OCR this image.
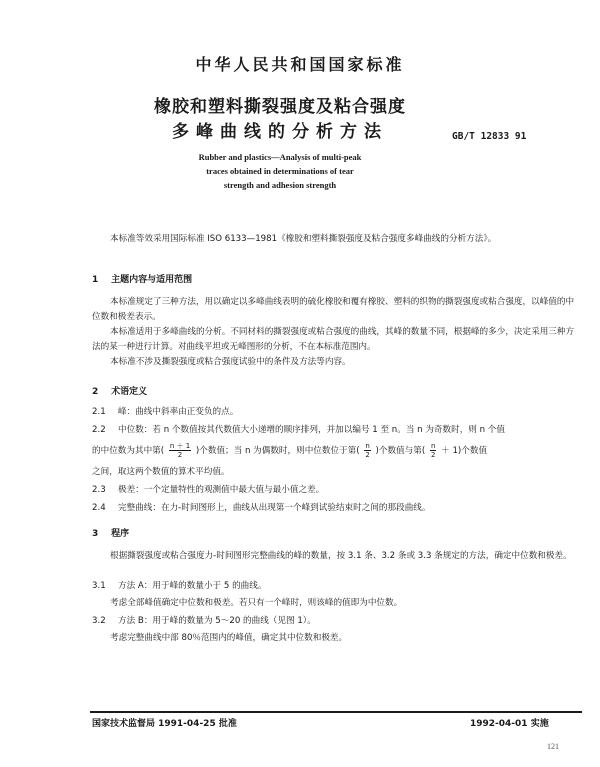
中华人民共和国国家标准
橡胶和塑料撕裂强度及粘合强度
多峰曲线的分析方法	GB/T 12833 91
Rubber and plastics—Analysis of multi-peak
traces obtained in determinations of tear
strength and adhesion strength
本标准等效采用国际标准 ISO 6133—1981《橡胶和塑料撕裂强度及粘合强度多峰曲线的分析方法》。
1 主题内容与适用范围
本标准规定了三种方法，用以确定以多峰曲线表明的硫化橡胶和覆有橡胶、塑料的织物的撕裂强度或粘合强度，以峰值的中位数和极差表示。
本标准适用于多峰曲线的分析。不同材料的撕裂强度或粘合强度的曲线，其峰的数量不同，根据峰的多少，决定采用三种方法的某一种进行计算。对曲线平坦或无峰图形的分析，不在本标准范围内。
本标准不涉及撕裂强度或粘合强度试验中的条件及方法等内容。
2 术语定义
2.1 峰：曲线中斜率由正变负的点。
2.2 中位数：若 n 个数值按其代数值大小递增的顺序排列，并加以编号 1 至 n。当 n 为奇数时，则 n 个值
的中位数为其中第( $\frac{n + 1}{2}$ )个数值；当 n 为偶数时，则中位数位于第( $\frac{n}{2}$ )个数值与第( $\frac{n}{2} + 1$)个数值
之间，取这两个数值的算术平均值。
2.3 极差：一个定量特性的观测值中最大值与最小值之差。
2.4 完整曲线：在力-时间图形上，曲线从出现第一个峰到试验结束时之间的那段曲线。
3 程序
根据撕裂强度或粘合强度力-时间图形完整曲线的峰的数量，按 3.1 条、3.2 条或 3.3 条规定的方法，确定中位数和极差。
3.1 方法 A：用于峰的数量小于 5 的曲线。
考虑全部峰值确定中位数和极差。若只有一个峰时，则该峰的值即为中位数。
3.2 方法 B：用于峰的数量为 5～20 的曲线（见图 1）。
考虑完整曲线中部 80％范围内的峰值，确定其中位数和极差。
国家技术监督局 1991-04-25 批准	1992-04-01 实施
121
